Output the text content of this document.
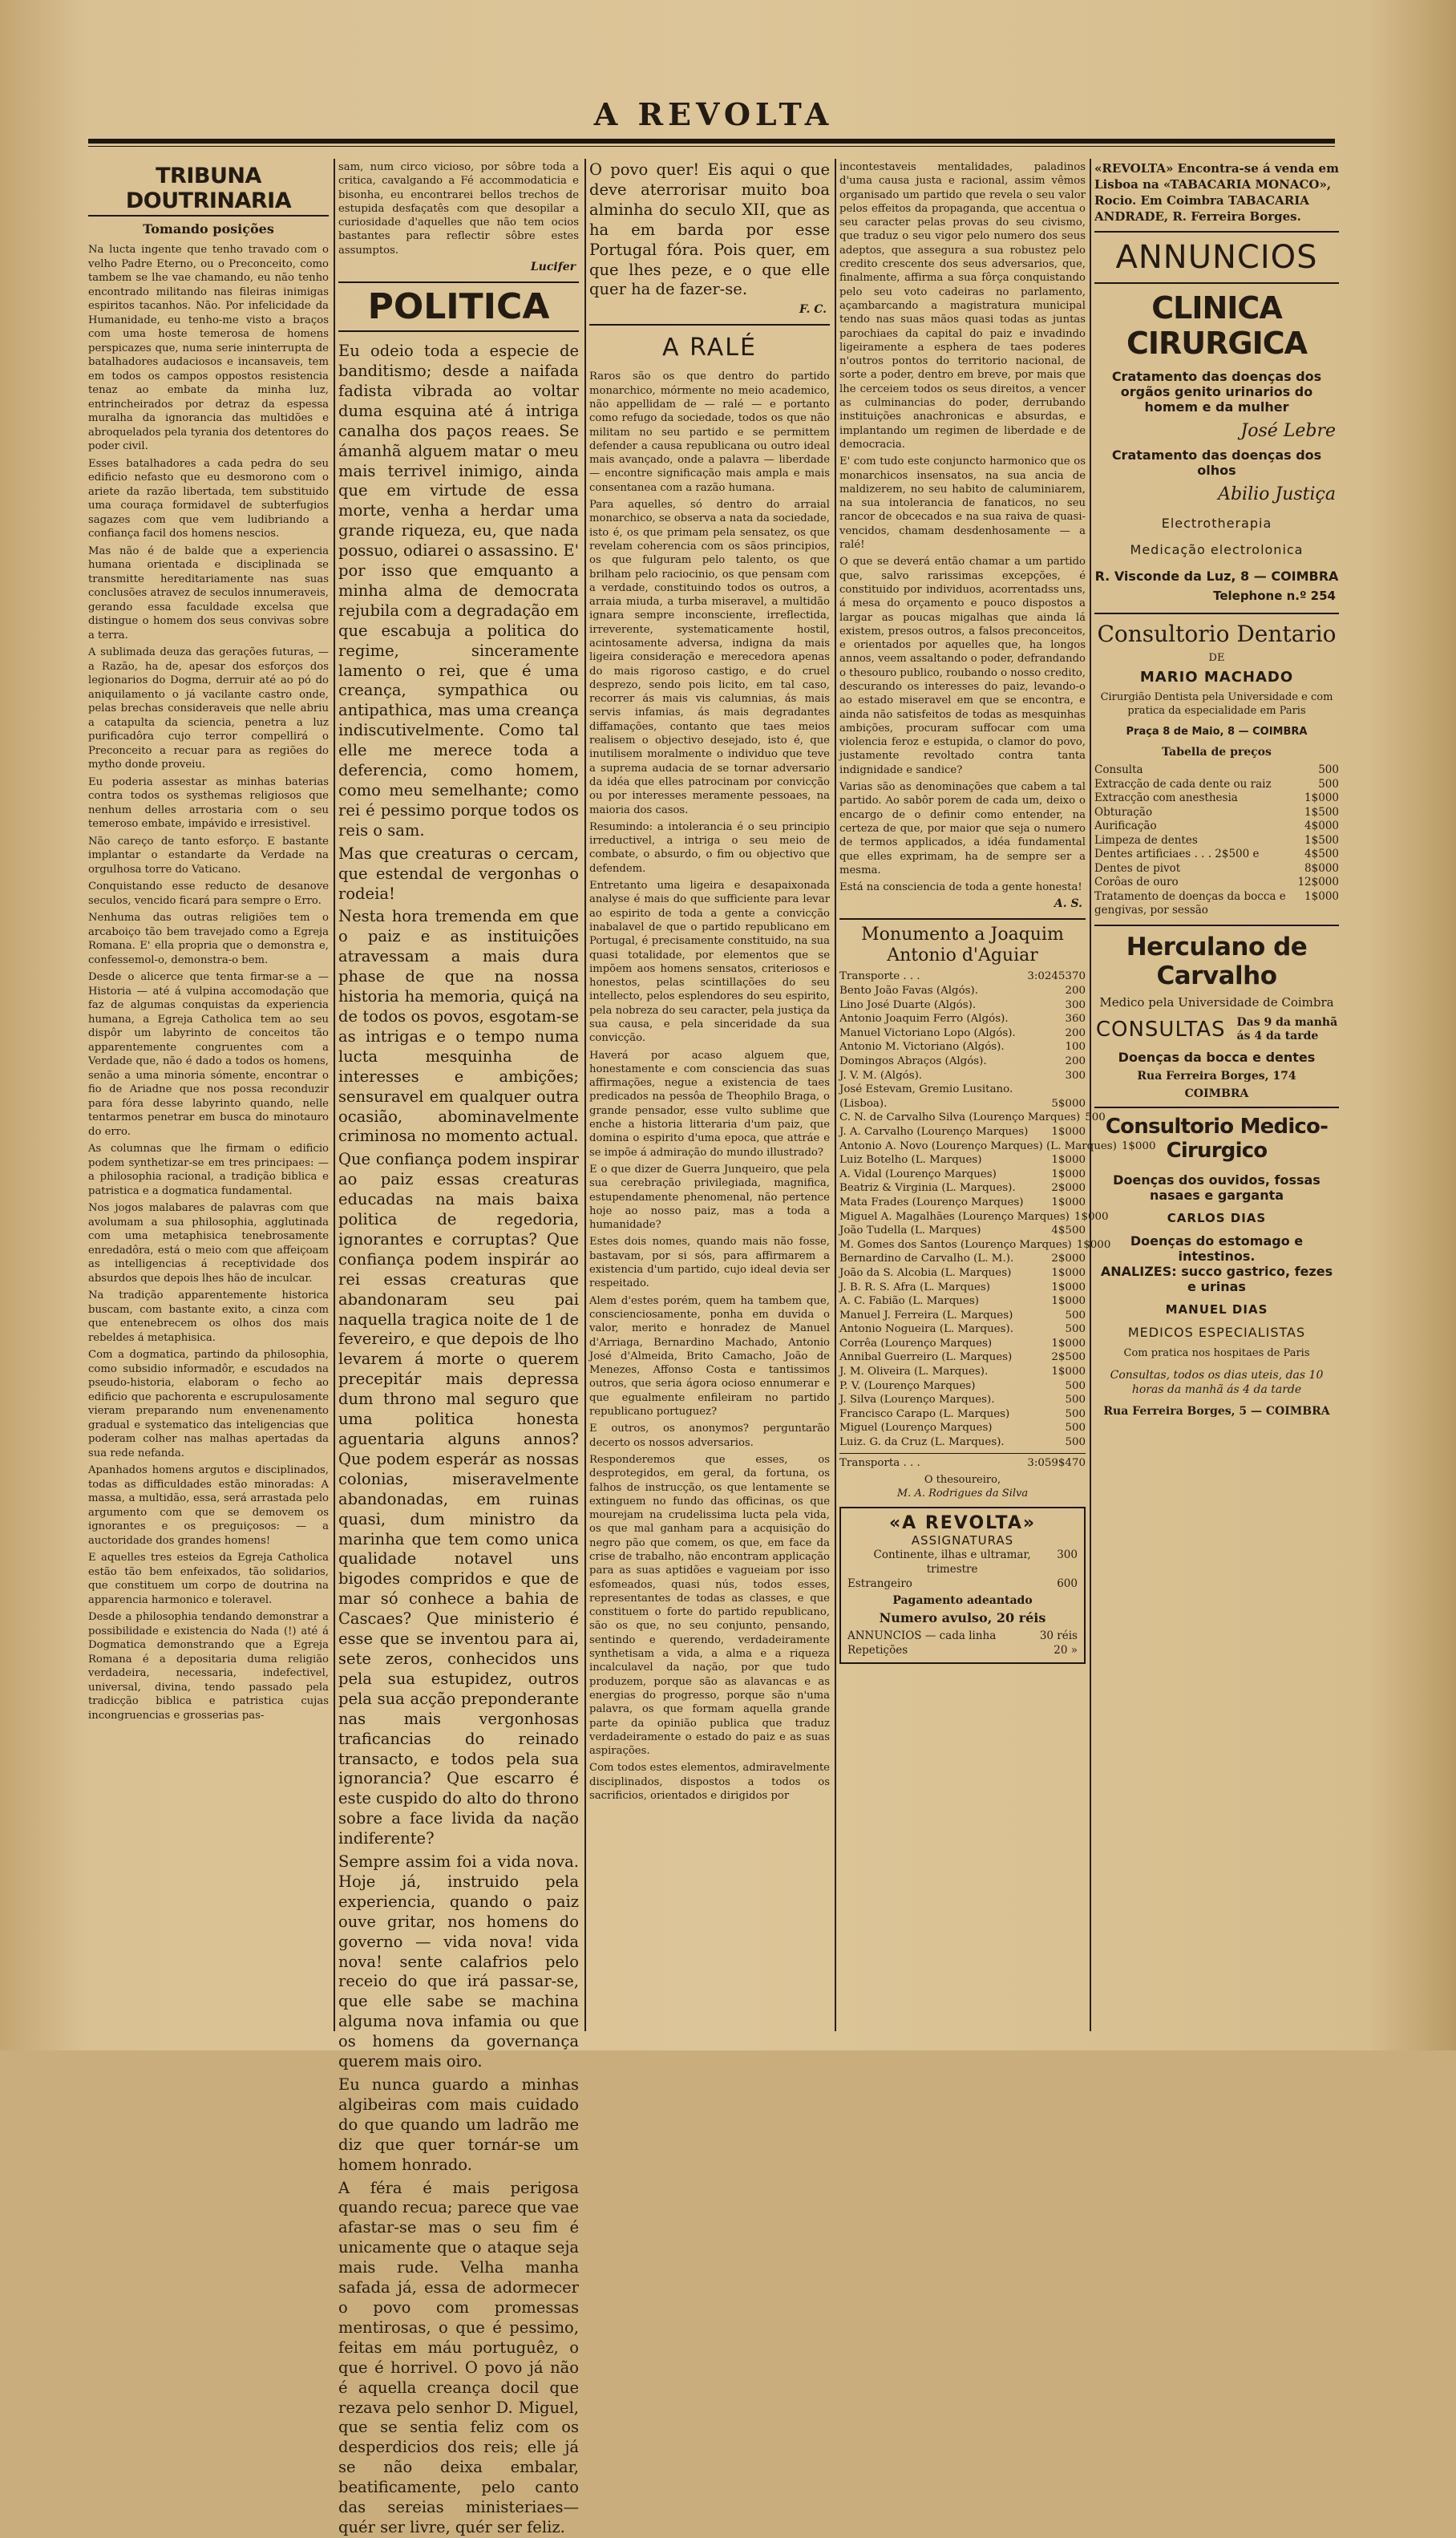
A REVOLTA
TRIBUNA DOUTRINARIA
Tomando posições

Na lucta ingente que tenho travado com o velho Padre Eterno, ou o Preconceito, como tambem se lhe vae chamando, eu não tenho encontrado militando nas fileiras inimigas espiritos tacanhos. Não. Por infelicidade da Humanidade, eu tenho-me visto a braços com uma hoste temerosa de homens perspicazes que, numa serie ininterrupta de batalhadores audaciosos e incansaveis, tem em todos os campos oppostos resistencia tenaz ao embate da minha luz, entrincheirados por detraz da espessa muralha da ignorancia das multidões e abroquelados pela tyrania dos detentores do poder civil.

Esses batalhadores a cada pedra do seu edificio nefasto que eu desmorono com o ariete da razão libertada, tem substituido uma couraça formidavel de subterfugios sagazes com que vem ludibriando a confiança facil dos homens nescios.

Mas não é de balde que a experiencia humana orientada e disciplinada se transmitte hereditariamente nas suas conclusões atravez de seculos innumeraveis, gerando essa faculdade excelsa que distingue o homem dos seus convivas sobre a terra.

A sublimada deuza das gerações futuras, — a Razão, ha de, apesar dos esforços dos legionarios do Dogma, derruir até ao pó do aniquilamento o já vacilante castro onde, pelas brechas consideraveis que nelle abriu a catapulta da sciencia, penetra a luz purificadôra cujo terror compellirá o Preconceito a recuar para as regiões do mytho donde proveiu.

Eu poderia assestar as minhas baterias contra todos os systhemas religiosos que nenhum delles arrostaria com o seu temeroso embate, impávido e irresistivel.

Não careço de tanto esforço. E bastante implantar o estandarte da Verdade na orgulhosa torre do Vaticano.

Conquistando esse reducto de desanove seculos, vencido ficará para sempre o Erro.

Nenhuma das outras religiões tem o arcaboiço tão bem travejado como a Egreja Romana. E' ella propria que o demonstra e, confessemol-o, demonstra-o bem.

Desde o alicerce que tenta firmar-se a — Historia — até á vulpina accomodação que faz de algumas conquistas da experiencia humana, a Egreja Catholica tem ao seu dispôr um labyrinto de conceitos tão apparentemente congruentes com a Verdade que, não é dado a todos os homens, senão a uma minoria sómente, encontrar o fio de Ariadne que nos possa reconduzir para fóra desse labyrinto quando, nelle tentarmos penetrar em busca do minotauro do erro.

As columnas que lhe firmam o edificio podem synthetizar-se em tres principaes: — a philosophia racional, a tradição biblica e patristica e a dogmatica fundamental.

Nos jogos malabares de palavras com que avolumam a sua philosophia, agglutinada com uma metaphisica tenebrosamente enredadôra, está o meio com que affeiçoam as intelligencias á receptividade dos absurdos que depois lhes hão de inculcar.

Na tradição apparentemente historica buscam, com bastante exito, a cinza com que entenebrecem os olhos dos mais rebeldes á metaphisica.

Com a dogmatica, partindo da philosophia, como subsidio informadôr, e escudados na pseudo-historia, elaboram o fecho ao edificio que pachorenta e escrupulosamente vieram preparando num envenenamento gradual e systematico das inteligencias que poderam colher nas malhas apertadas da sua rede nefanda.

Apanhados homens argutos e disciplinados, todas as difficuldades estão minoradas: A massa, a multidão, essa, será arrastada pelo argumento com que se demovem os ignorantes e os preguiçosos: — a auctoridade dos grandes homens!

E aquelles tres esteios da Egreja Catholica estão tão bem enfeixados, tão solidarios, que constituem um corpo de doutrina na apparencia harmonico e toleravel.

Desde a philosophia tendando demonstrar a possibilidade e existencia do Nada (!) até á Dogmatica demonstrando que a Egreja Romana é a depositaria duma religião verdadeira, necessaria, indefectivel, universal, divina, tendo passado pela tradicção biblica e patristica cujas incongruencias e grosserias pas-

sam, num circo vicioso, por sôbre toda a critica, cavalgando a Fé accommodaticia e bisonha, eu encontrarei bellos trechos de estupida desfaçatês com que desopilar a curiosidade d'aquelles que não tem ocios bastantes para reflectir sôbre estes assumptos.

Lucifer
POLITICA

Eu odeio toda a especie de banditismo; desde a naifada fadista vibrada ao voltar duma esquina até á intriga canalha dos paços reaes. Se ámanhã alguem matar o meu mais terrivel inimigo, ainda que em virtude de essa morte, venha a herdar uma grande riqueza, eu, que nada possuo, odiarei o assassino. E' por isso que emquanto a minha alma de democrata rejubila com a degradação em que escabuja a politica do regime, sinceramente lamento o rei, que é uma creança, sympathica ou antipathica, mas uma creança indiscutivelmente. Como tal elle me merece toda a deferencia, como homem, como meu semelhante; como rei é pessimo porque todos os reis o sam.

Mas que creaturas o cercam, que estendal de vergonhas o rodeia!

Nesta hora tremenda em que o paiz e as instituições atravessam a mais dura phase de que na nossa historia ha memoria, quiçá na de todos os povos, esgotam-se as intrigas e o tempo numa lucta mesquinha de interesses e ambições; sensuravel em qualquer outra ocasião, abominavelmente criminosa no momento actual.

Que confiança podem inspirar ao paiz essas creaturas educadas na mais baixa politica de regedoria, ignorantes e corruptas? Que confiança podem inspirár ao rei essas creaturas que abandonaram seu pai naquella tragica noite de 1 de fevereiro, e que depois de lho levarem á morte o querem precepitár mais depressa dum throno mal seguro que uma politica honesta aguentaria alguns annos? Que podem esperár as nossas colonias, miseravelmente abandonadas, em ruinas quasi, dum ministro da marinha que tem como unica qualidade notavel uns bigodes compridos e que de mar só conhece a bahia de Cascaes? Que ministerio é esse que se inventou para ai, sete zeros, conhecidos uns pela sua estupidez, outros pela sua acção preponderante nas mais vergonhosas traficancias do reinado transacto, e todos pela sua ignorancia? Que escarro é este cuspido do alto do throno sobre a face livida da nação indiferente?

Sempre assim foi a vida nova. Hoje já, instruido pela experiencia, quando o paiz ouve gritar, nos homens do governo — vida nova! vida nova! sente calafrios pelo receio do que irá passar-se, que elle sabe se machina alguma nova infamia ou que os homens da governança querem mais oiro.

Eu nunca guardo a minhas algibeiras com mais cuidado do que quando um ladrão me diz que quer tornár-se um homem honrado.

A féra é mais perigosa quando recua; parece que vae afastar-se mas o seu fim é unicamente que o ataque seja mais rude. Velha manha safada já, essa de adormecer o povo com promessas mentirosas, o que é pessimo, feitas em máu portuguêz, o que é horrivel. O povo já não é aquella creança docil que rezava pelo senhor D. Miguel, que se sentia feliz com os desperdicios dos reis; elle já se não deixa embalar, beatificamente, pelo canto das sereias ministeriaes—quér ser livre, quér ser feliz.

O povo quer! Eis aqui o que deve aterrorisar muito boa alminha do seculo XII, que as ha em barda por esse Portugal fóra. Pois quer, em que lhes peze, e o que elle quer ha de fazer-se.

F. C.
A RALÉ

Raros são os que dentro do partido monarchico, mórmente no meio academico, não appellidam de — ralé — e portanto como refugo da sociedade, todos os que não militam no seu partido e se permittem defender a causa republicana ou outro ideal mais avançado, onde a palavra — liberdade — encontre significação mais ampla e mais consentanea com a razão humana.

Para aquelles, só dentro do arraial monarchico, se observa a nata da sociedade, isto é, os que primam pela sensatez, os que revelam coherencia com os sãos principios, os que fulguram pelo talento, os que brilham pelo raciocinio, os que pensam com a verdade, constituindo todos os outros, a arraia miuda, a turba miseravel, a multidão ignara sempre inconsciente, irreflectida, irreverente, systematicamente hostil, acintosamente adversa, indigna da mais ligeira consideração e merecedora apenas do mais rigoroso castigo, e do cruel desprezo, sendo pois licito, em tal caso, recorrer ás mais vis calumnias, ás mais servis infamias, ás mais degradantes diffamações, contanto que taes meios realisem o objectivo desejado, isto é, que inutilisem moralmente o individuo que teve a suprema audacia de se tornar adversario da idéa que elles patrocinam por convicção ou por interesses meramente pessoaes, na maioria dos casos.

Resumindo: a intolerancia é o seu principio irreductivel, a intriga o seu meio de combate, o absurdo, o fim ou objectivo que defendem.

Entretanto uma ligeira e desapaixonada analyse é mais do que sufficiente para levar ao espirito de toda a gente a convicção inabalavel de que o partido republicano em Portugal, é precisamente constituido, na sua quasi totalidade, por elementos que se impõem aos homens sensatos, criteriosos e honestos, pelas scintillações do seu intellecto, pelos esplendores do seu espirito, pela nobreza do seu caracter, pela justiça da sua causa, e pela sinceridade da sua convicção.

Haverá por acaso alguem que, honestamente e com consciencia das suas affirmações, negue a existencia de taes predicados na pessôa de Theophilo Braga, o grande pensador, esse vulto sublime que enche a historia litteraria d'um paiz, que domina o espirito d'uma epoca, que attráe e se impõe á admiração do mundo illustrado?

E o que dizer de Guerra Junqueiro, que pela sua cerebração privilegiada, magnifica, estupendamente phenomenal, não pertence hoje ao nosso paiz, mas a toda a humanidade?

Estes dois nomes, quando mais não fosse, bastavam, por si sós, para affirmarem a existencia d'um partido, cujo ideal devia ser respeitado.

Alem d'estes porém, quem ha tambem que, conscienciosamente, ponha em duvida o valor, merito e honradez de Manuel d'Arriaga, Bernardino Machado, Antonio José d'Almeida, Brito Camacho, João de Menezes, Affonso Costa e tantissimos outros, que seria ágora ocioso ennumerar e que egualmente enfileiram no partido republicano portuguez?

E outros, os anonymos? perguntarão decerto os nossos adversarios.

Responderemos que esses, os desprotegidos, em geral, da fortuna, os falhos de instrucção, os que lentamente se extinguem no fundo das officinas, os que mourejam na crudelissima lucta pela vida, os que mal ganham para a acquisição do negro pão que comem, os que, em face da crise de trabalho, não encontram applicação para as suas aptidões e vagueiam por isso esfomeados, quasi nús, todos esses, representantes de todas as classes, e que constituem o forte do partido republicano, são os que, no seu conjunto, pensando, sentindo e querendo, verdadeiramente synthetisam a vida, a alma e a riqueza incalculavel da nação, por que tudo produzem, porque são as alavancas e as energias do progresso, porque são n'uma palavra, os que formam aquella grande parte da opinião publica que traduz verdadeiramente o estado do paiz e as suas aspirações.

Com todos estes elementos, admiravelmente disciplinados, dispostos a todos os sacrificios, orientados e dirigidos por

incontestaveis mentalidades, paladinos d'uma causa justa e racional, assim vêmos organisado um partido que revela o seu valor pelos effeitos da propaganda, que accentua o seu caracter pelas provas do seu civismo, que traduz o seu vigor pelo numero dos seus adeptos, que assegura a sua robustez pelo credito crescente dos seus adversarios, que, finalmente, affirma a sua fôrça conquistando pelo seu voto cadeiras no parlamento, açambarcando a magistratura municipal tendo nas suas mãos quasi todas as juntas parochiaes da capital do paiz e invadindo ligeiramente a esphera de taes poderes n'outros pontos do territorio nacional, de sorte a poder, dentro em breve, por mais que lhe cerceiem todos os seus direitos, a vencer as culminancias do poder, derrubando instituições anachronicas e absurdas, e implantando um regimen de liberdade e de democracia.

E' com tudo este conjuncto harmonico que os monarchicos insensatos, na sua ancia de maldizerem, no seu habito de caluminiarem, na sua intolerancia de fanaticos, no seu rancor de obcecados e na sua raiva de quasi-vencidos, chamam desdenhosamente — a ralé!

O que se deverá então chamar a um partido que, salvo rarissimas excepções, é constituido por individuos, acorrentadss uns, á mesa do orçamento e pouco dispostos a largar as poucas migalhas que ainda lá existem, presos outros, a falsos preconceitos, e orientados por aquelles que, ha longos annos, veem assaltando o poder, defrandando o thesouro publico, roubando o nosso credito, descurando os interesses do paiz, levando-o ao estado miseravel em que se encontra, e ainda não satisfeitos de todas as mesquinhas ambições, procuram suffocar com uma violencia feroz e estupida, o clamor do povo, justamente revoltado contra tanta indignidade e sandice?

Varias são as denominações que cabem a tal partido. Ao sabôr porem de cada um, deixo o encargo de o definir como entender, na certeza de que, por maior que seja o numero de termos applicados, a idéa fundamental que elles exprimam, ha de sempre ser a mesma.

Está na consciencia de toda a gente honesta!

A. S.
Monumento a Joaquim Antonio d'Aguiar
Transporte . . .	3:0245370
Bento João Favas (Algós).	200
Lino José Duarte (Algós).	300
Antonio Joaquim Ferro (Algós).	360
Manuel Victoriano Lopo (Algós).	200
Antonio M. Victoriano (Algós).	100
Domingos Abraços (Algós).	200
J. V. M. (Algós).	300
José Estevam, Gremio Lusitano.
(Lisboa).	5$000
C. N. de Carvalho Silva (Lourenço Marques) 500
J. A. Carvalho (Lourenço Marques)	1$000
Antonio A. Novo (Lourenço Marques) (L. Marques) 1$000
Luiz Botelho (L. Marques)	1$000
A. Vidal (Lourenço Marques)	1$000
Beatriz & Virginia (L. Marques).	2$000
Mata Frades (Lourenço Marques)	1$000
Miguel A. Magalhães (Lourenço Marques) 1$000
João Tudella (L. Marques)	4$500
M. Gomes dos Santos (Lourenço Marques) 1$000
Bernardino de Carvalho (L. M.).	2$000
João da S. Alcobia (L. Marques)	1$000
J. B. R. S. Afra (L. Marques)	1$000
A. C. Fabião (L. Marques)	1$000
Manuel J. Ferreira (L. Marques)	500
Antonio Nogueira (L. Marques).	500
Corrêa (Lourenço Marques)	1$000
Annibal Guerreiro (L. Marques)	2$500
J. M. Oliveira (L. Marques).	1$000
P. V. (Lourenço Marques)	500
J. Silva (Lourenço Marques).	500
Francisco Carapo (L. Marques)	500
Miguel (Lourenço Marques)	500
Luiz. G. da Cruz (L. Marques).	500
Transporta . . .	3:059$470
O thesoureiro,
M. A. Rodrigues da Silva
«A REVOLTA»
ASSIGNATURAS
Continente, ilhas e ultramar, trimestre
300
Estrangeiro	600
Pagamento adeantado
Numero avulso, 20 réis
ANNUNCIOS — cada linha	30 réis
Repetições	20 »
«REVOLTA» Encontra-se á venda em Lisboa na «TABACARIA MONACO», Rocio. Em Coimbra TABACARIA ANDRADE, R. Ferreira Borges.
ANNUNCIOS
CLINICA CIRURGICA
Cratamento das doenças dos orgãos genito urinarios do homem e da mulher
José Lebre
Cratamento das doenças dos olhos
Abilio Justiça
Electrotherapia
Medicação electrolonica
R. Visconde da Luz, 8 — COIMBRA
Telephone n.º 254
Consultorio Dentario
DE
MARIO MACHADO
Cirurgião Dentista pela Universidade e com pratica da especialidade em Paris
Praça 8 de Maio, 8 — COIMBRA
Tabella de preços
Consulta	500
Extracção de cada dente ou raiz	500
Extracção com anesthesia	1$000
Obturação	1$500
Aurificação	4$000
Limpeza de dentes	1$500
Dentes artificiaes . . . 2$500 e	4$500
Dentes de pivot	8$000
Corôas de ouro	12$000
Tratamento de doenças da bocca e gengivas, por sessão
1$000
Herculano de Carvalho
Medico pela Universidade de Coimbra
CONSULTAS Das 9 da manhã
ás 4 da tarde
Doenças da bocca e dentes
Rua Ferreira Borges, 174
COIMBRA
Consultorio Medico-Cirurgico
Doenças dos ouvidos, fossas nasaes e garganta
CARLOS DIAS
Doenças do estomago e intestinos.
ANALIZES: succo gastrico, fezes e urinas
MANUEL DIAS
MEDICOS ESPECIALISTAS
Com pratica nos hospitaes de Paris
Consultas, todos os dias uteis, das 10 horas da manhã ás 4 da tarde
Rua Ferreira Borges, 5 — COIMBRA
